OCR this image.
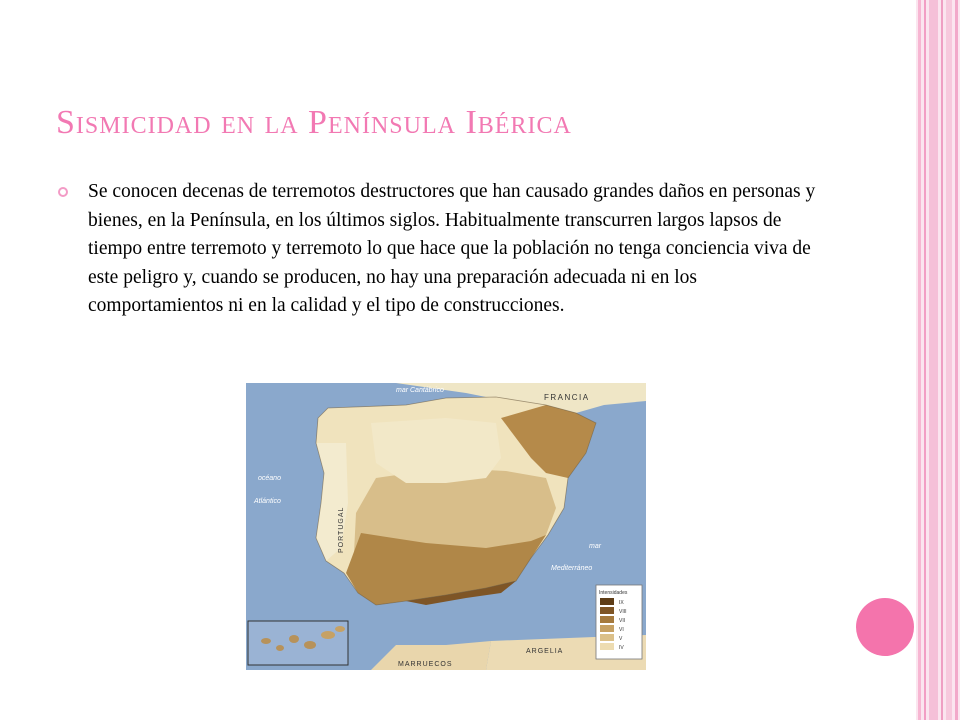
Sismicidad en la Península Ibérica
Se conocen decenas de terremotos destructores que han causado grandes daños en personas y bienes, en la Península, en los últimos siglos. Habitualmente transcurren largos lapsos de tiempo entre terremoto y terremoto lo que hace que la población no tenga conciencia viva de este peligro y, cuando se producen, no hay una preparación adecuada ni en los comportamientos ni en la calidad y el tipo de construcciones.
mar Cantábrico
FRANCIA
océano
Atlántico
PORTUGAL	mar
Mediterráneo
MARRUECOS
ARGELIA
Intensidades
IX
VIII
VII
VI
V
IV
